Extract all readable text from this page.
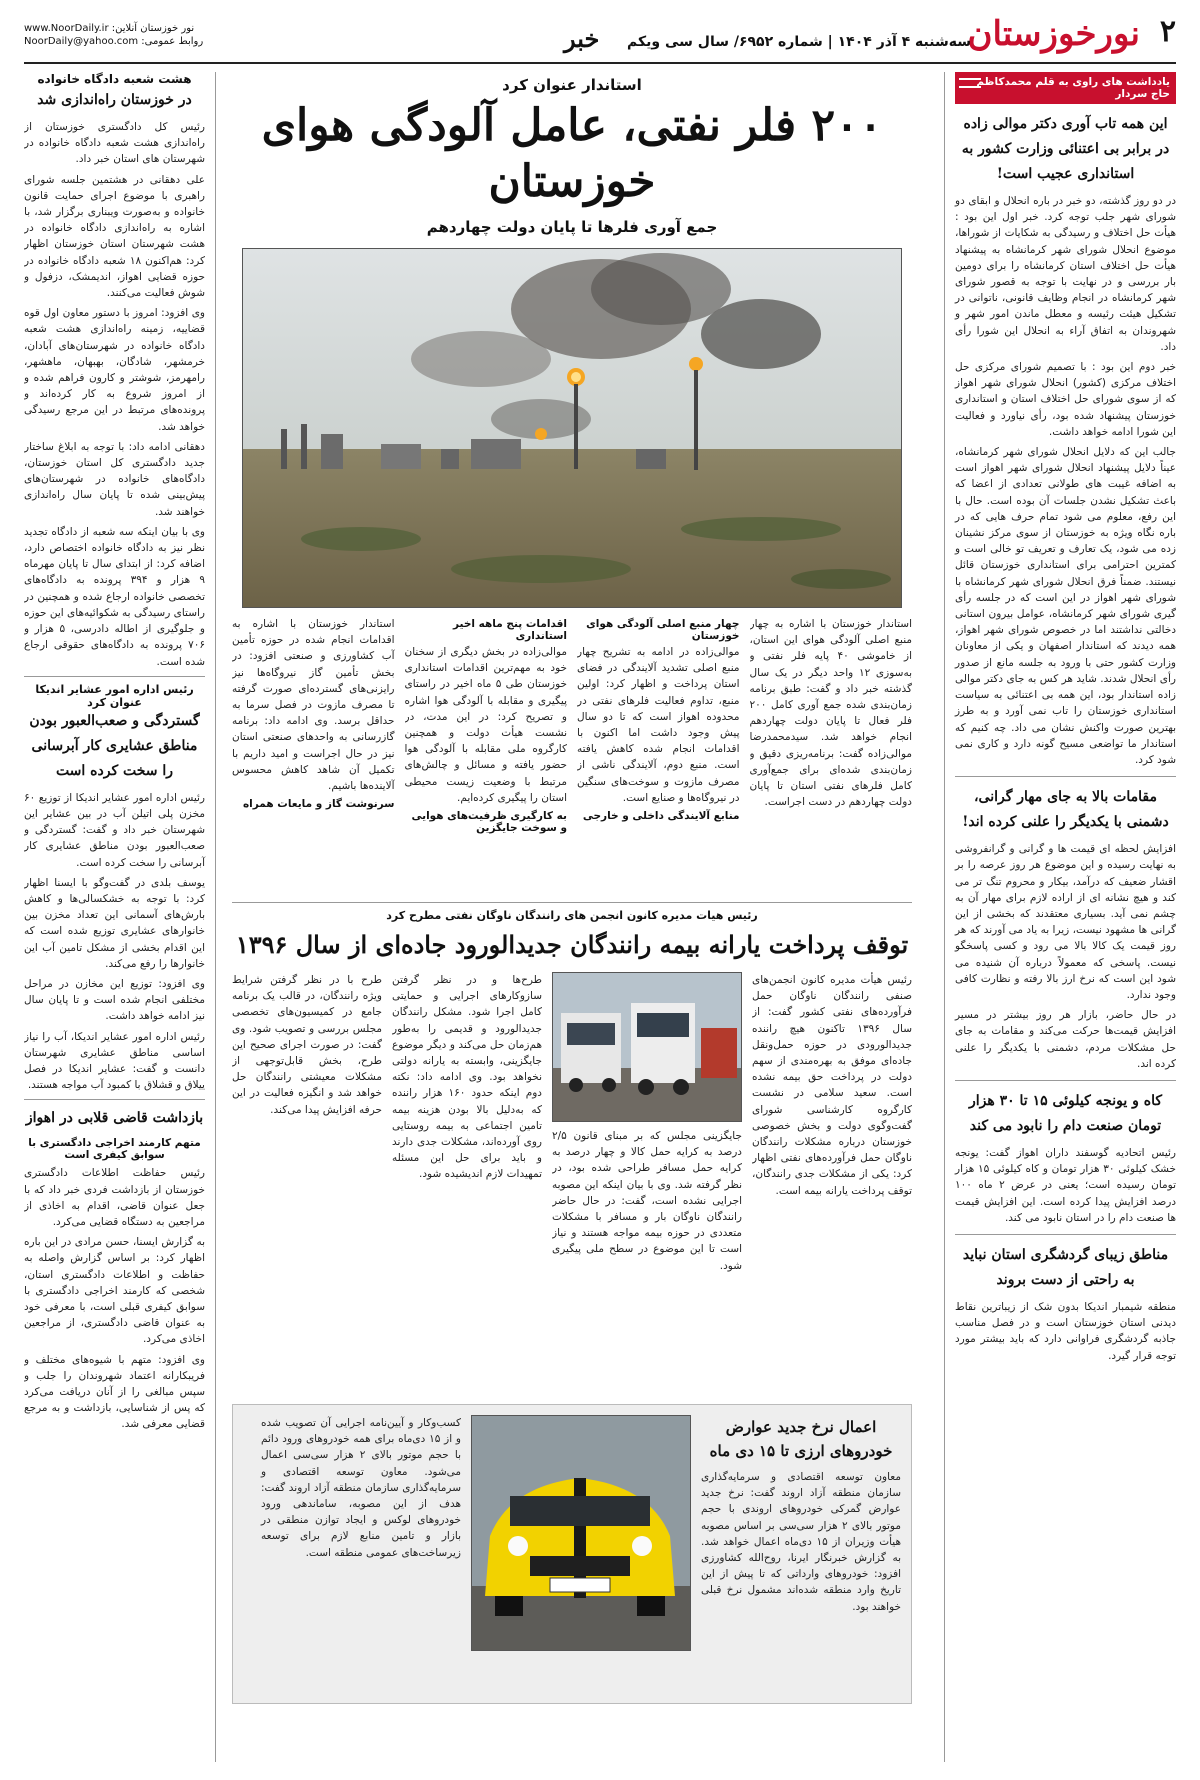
۲
نورخوزستان
سه‌شنبه ۴ آذر ۱۴۰۴ | شماره ۶۹۵۲/ سال سی ویکم
خبر
نور خوزستان آنلاین: www.NoorDaily.ir
روابط عمومی: NoorDaily@yahoo.com
یادداشت های راوی به قلم محمدکاظم حاج سردار
این همه تاب آوری دکتر موالی زاده در برابر بی اعتنائی وزارت کشور به استانداری عجیب است!
در دو روز گذشته، دو خبر در باره انحلال و ابقای دو شورای شهر جلب توجه کرد. خبر اول این بود : هیأت حل اختلاف و رسیدگی به شکایات از شوراها، موضوع انحلال شورای شهر کرمانشاه به پیشنهاد هیأت حل اختلاف استان کرمانشاه را برای دومین بار بررسی و در نهایت با توجه به قصور شورای شهر کرمانشاه در انجام وظایف قانونی، ناتوانی در تشکیل هیئت رئیسه و معطل ماندن امور شهر و شهروندان به اتفاق آراء به انحلال این شورا رأی داد.
خبر دوم این بود : با تصمیم شورای مرکزی حل اختلاف مرکزی (کشور) انحلال شورای شهر اهواز که از سوی شورای حل اختلاف استان و استانداری خوزستان پیشنهاد شده بود، رأی نیاورد و فعالیت این شورا ادامه خواهد داشت.
جالب این که دلایل انحلال شورای شهر کرمانشاه، عیناً دلایل پیشنهاد انحلال شورای شهر اهواز است به اضافه غیبت های طولانی تعدادی از اعضا که باعث تشکیل نشدن جلسات آن بوده است. حال با این رفع، معلوم می شود تمام حرف هایی که در باره نگاه ویژه به خوزستان از سوی مرکز نشینان زده می شود، یک تعارف و تعریف تو خالی است و کمترین احترامی برای استانداری خوزستان قائل نیستند. ضمناً فرق انحلال شورای شهر کرمانشاه با شورای شهر اهواز در این است که در جلسه رأی گیری شورای شهر کرمانشاه، عوامل بیرون استانی دخالتی نداشتند اما در خصوص شورای شهر اهواز، همه دیدند که استاندار اصفهان و یکی از معاونان وزارت کشور حتی با ورود به جلسه مانع از صدور رأی انحلال شدند. شاید هر کس به جای دکتر موالی زاده استاندار بود، این همه بی اعتنائی به سیاست استانداری خوزستان را تاب نمی آورد و به طرز بهترین صورت واکنش نشان می داد. چه کنیم که استاندار ما تواضعی مسیح گونه دارد و کاری نمی شود کرد.
مقامات بالا به جای مهار گرانی، دشمنی با یکدیگر را علنی کرده اند!
افزایش لحظه ای قیمت ها و گرانی و گرانفروشی به نهایت رسیده و این موضوع هر روز عرصه را بر اقشار ضعیف که درآمد، بیکار و محروم تنگ تر می کند و هیچ نشانه ای از اراده لازم برای مهار آن به چشم نمی آید. بسیاری معتقدند که بخشی از این گرانی ها مشهود نیست، زیرا به یاد می آورند که هر روز قیمت یک کالا بالا می رود و کسی پاسخگو نیست. پاسخی که معمولاً درباره آن شنیده می شود این است که نرخ ارز بالا رفته و نظارت کافی وجود ندارد.
در حال حاضر، بازار هر روز بیشتر در مسیر افزایش قیمت‌ها حرکت می‌کند و مقامات به جای حل مشکلات مردم، دشمنی با یکدیگر را علنی کرده اند.
کاه و یونجه کیلوئی ۱۵ تا ۳۰ هزار تومان صنعت دام را نابود می کند
رئیس اتحادیه گوسفند داران اهواز گفت: یونجه خشک کیلوئی ۳۰ هزار تومان و کاه کیلوئی ۱۵ هزار تومان رسیده است؛ یعنی در عرض ۲ ماه ۱۰۰ درصد افزایش پیدا کرده است. این افزایش قیمت ها صنعت دام را در استان نابود می کند.
مناطق زیبای گردشگری استان نباید به راحتی از دست بروند
منطقه شیمبار اندیکا بدون شک از زیباترین نقاط دیدنی استان خوزستان است و در فصل مناسب جاذبه گردشگری فراوانی دارد که باید بیشتر مورد توجه قرار گیرد.
هشت شعبه دادگاه خانواده
در خوزستان راه‌اندازی شد
رئیس کل دادگستری خوزستان از راه‌اندازی هشت شعبه دادگاه خانواده در شهرستان های استان خبر داد.
علی دهقانی در هشتمین جلسه شورای راهبری با موضوع اجرای حمایت قانون خانواده و به‌صورت ویبناری برگزار شد، با اشاره به راه‌اندازی دادگاه خانواده در هشت شهرستان استان خوزستان اظهار کرد: هم‌اکنون ۱۸ شعبه دادگاه خانواده در حوزه قضایی اهواز، اندیمشک، دزفول و شوش فعالیت می‌کنند.
وی افزود: امروز با دستور معاون اول قوه قضاییه، زمینه راه‌اندازی هشت شعبه دادگاه خانواده در شهرستان‌های آبادان، خرمشهر، شادگان، بهبهان، ماهشهر، رامهرمز، شوشتر و کارون فراهم شده و از امروز شروع به کار کرده‌اند و پرونده‌های مرتبط در این مرجع رسیدگی خواهد شد.
دهقانی ادامه داد: با توجه به ابلاغ ساختار جدید دادگستری کل استان خوزستان، دادگاه‌های خانواده در شهرستان‌های پیش‌بینی شده تا پایان سال راه‌اندازی خواهند شد.
وی با بیان اینکه سه شعبه از دادگاه تجدید نظر نیز به دادگاه خانواده اختصاص دارد، اضافه کرد: از ابتدای سال تا پایان مهرماه ۹ هزار و ۳۹۴ پرونده به دادگاه‌های تخصصی خانواده ارجاع شده و همچنین در راستای رسیدگی به شکوائیه‌های این حوزه و جلوگیری از اطاله دادرسی، ۵ هزار و ۷۰۶ پرونده به دادگاه‌های حقوقی ارجاع شده است.
رئیس اداره امور عشایر اندیکا عنوان کرد
گستردگی و صعب‌العبور بودن مناطق عشایری کار آبرسانی را سخت کرده است
رئیس اداره امور عشایر اندیکا از توزیع ۶۰ مخزن پلی اتیلن آب در بین عشایر این شهرستان خبر داد و گفت: گستردگی و صعب‌العبور بودن مناطق عشایری کار آبرسانی را سخت کرده است.
یوسف بلدی در گفت‌وگو با ایسنا اظهار کرد: با توجه به خشکسالی‌ها و کاهش بارش‌های آسمانی این تعداد مخزن بین خانوارهای عشایری توزیع شده است که این اقدام بخشی از مشکل تامین آب این خانوارها را رفع می‌کند.
وی افزود: توزیع این مخازن در مراحل مختلفی انجام شده است و تا پایان سال نیز ادامه خواهد داشت.
رئیس اداره امور عشایر اندیکا، آب را نیاز اساسی مناطق عشایری شهرستان دانست و گفت: عشایر اندیکا در فصل ییلاق و قشلاق با کمبود آب مواجه هستند.
بازداشت قاضی قلابی در اهواز
متهم کارمند اخراجی دادگستری با سوابق کیفری است
رئیس حفاظت اطلاعات دادگستری خوزستان از بازداشت فردی خبر داد که با جعل عنوان قاضی، اقدام به اخاذی از مراجعین به دستگاه قضایی می‌کرد.
به گزارش ایسنا، حسن مرادی در این باره اظهار کرد: بر اساس گزارش واصله به حفاظت و اطلاعات دادگستری استان، شخصی که کارمند اخراجی دادگستری با سوابق کیفری قبلی است، با معرفی خود به عنوان قاضی دادگستری، از مراجعین اخاذی می‌کرد.
وی افزود: متهم با شیوه‌های مختلف و فریبکارانه اعتماد شهروندان را جلب و سپس مبالغی را از آنان دریافت می‌کرد که پس از شناسایی، بازداشت و به مرجع قضایی معرفی شد.
استاندار عنوان کرد
۲۰۰ فلر نفتی، عامل آلودگی هوای خوزستان
جمع آوری فلرها تا پایان دولت چهاردهم
استاندار خوزستان با اشاره به چهار منبع اصلی آلودگی هوای این استان، از خاموشی ۴۰ پایه فلر نفتی و به‌سوزی ۱۲ واحد دیگر در یک سال گذشته خبر داد و گفت: طبق برنامه زمان‌بندی شده جمع آوری کامل ۲۰۰ فلر فعال تا پایان دولت چهاردهم انجام خواهد شد. سیدمحمدرضا موالی‌زاده گفت: برنامه‌ریزی دقیق و زمان‌بندی شده‌ای برای جمع‌آوری کامل فلرهای نفتی استان تا پایان دولت چهاردهم در دست اجراست.
چهار منبع اصلی آلودگی هوای خوزستان
موالی‌زاده در ادامه به تشریح چهار منبع اصلی تشدید آلایندگی در فضای استان پرداخت و اظهار کرد: اولین منبع، تداوم فعالیت فلرهای نفتی در محدوده اهواز است که تا دو سال پیش وجود داشت اما اکنون با اقدامات انجام شده کاهش یافته است. منبع دوم، آلایندگی ناشی از مصرف مازوت و سوخت‌های سنگین در نیروگاه‌ها و صنایع است.
منابع آلایندگی داخلی و خارجی
اقدامات پنج ماهه اخیر استانداری
موالی‌زاده در بخش دیگری از سخنان خود به مهم‌ترین اقدامات استانداری خوزستان طی ۵ ماه اخیر در راستای پیگیری و مقابله با آلودگی هوا اشاره و تصریح کرد: در این مدت، در نشست هیأت دولت و همچنین کارگروه ملی مقابله با آلودگی هوا حضور یافته و مسائل و چالش‌های مرتبط با وضعیت زیست محیطی استان را پیگیری کرده‌ایم.
به کارگیری ظرفیت‌های هوایی و سوخت جایگزین
استاندار خوزستان با اشاره به اقدامات انجام شده در حوزه تأمین آب کشاورزی و صنعتی افزود: در بخش تأمین گاز نیروگاه‌ها نیز رایزنی‌های گسترده‌ای صورت گرفته تا مصرف مازوت در فصل سرما به حداقل برسد. وی ادامه داد: برنامه گازرسانی به واحدهای صنعتی استان نیز در حال اجراست و امید داریم با تکمیل آن شاهد کاهش محسوس آلاینده‌ها باشیم.
سرنوشت گاز و مایعات همراه
رئیس هیات مدیره کانون انجمن های رانندگان ناوگان نفتی مطرح کرد
توقف پرداخت یارانه بیمه رانندگان جدیدالورود جاده‌ای از سال ۱۳۹۶
رئیس هیأت مدیره کانون انجمن‌های صنفی رانندگان ناوگان حمل فرآورده‌های نفتی کشور گفت: از سال ۱۳۹۶ تاکنون هیچ راننده جدیدالورودی در حوزه حمل‌ونقل جاده‌ای موفق به بهره‌مندی از سهم دولت در پرداخت حق بیمه نشده است. سعید سلامی در نشست کارگروه کارشناسی شورای گفت‌وگوی دولت و بخش خصوصی خوزستان درباره مشکلات رانندگان ناوگان حمل فرآورده‌های نفتی اظهار کرد: یکی از مشکلات جدی رانندگان، توقف پرداخت یارانه بیمه است.
جایگزینی مجلس که بر مبنای قانون ۲/۵ درصد به کرایه حمل کالا و چهار درصد به کرایه حمل مسافر طراحی شده بود، در نظر گرفته شد. وی با بیان اینکه این مصوبه اجرایی نشده است، گفت: در حال حاضر رانندگان ناوگان بار و مسافر با مشکلات متعددی در حوزه بیمه مواجه هستند و نیاز است تا این موضوع در سطح ملی پیگیری شود.
طرح‌ها و در نظر گرفتن سازوکارهای اجرایی و حمایتی کامل اجرا شود. مشکل رانندگان جدیدالورود و قدیمی را به‌طور هم‌زمان حل می‌کند و دیگر موضوع جایگزینی، وابسته به یارانه دولتی نخواهد بود. وی ادامه داد: نکته دوم اینکه حدود ۱۶۰ هزار راننده که به‌دلیل بالا بودن هزینه بیمه تامین اجتماعی به بیمه روستایی روی آورده‌اند، مشکلات جدی دارند و باید برای حل این مسئله تمهیدات لازم اندیشیده شود.
طرح با در نظر گرفتن شرایط ویژه رانندگان، در قالب یک برنامه جامع در کمیسیون‌های تخصصی مجلس بررسی و تصویب شود. وی گفت: در صورت اجرای صحیح این طرح، بخش قابل‌توجهی از مشکلات معیشتی رانندگان حل خواهد شد و انگیزه فعالیت در این حرفه افزایش پیدا می‌کند.
اعمال نرخ جدید عوارض خودروهای ارزی تا ۱۵ دی ماه
معاون توسعه اقتصادی و سرمایه‌گذاری سازمان منطقه آزاد اروند گفت: نرخ جدید عوارض گمرکی خودروهای اروندی با حجم موتور بالای ۲ هزار سی‌سی بر اساس مصوبه هیأت وزیران از ۱۵ دی‌ماه اعمال خواهد شد. به گزارش خبرنگار ایرنا، روح‌الله کشاورزی افزود: خودروهای وارداتی که تا پیش از این تاریخ وارد منطقه شده‌اند مشمول نرخ قبلی خواهند بود.
کسب‌وکار و آیین‌نامه اجرایی آن تصویب شده و از ۱۵ دی‌ماه برای همه خودروهای ورود دائم با حجم موتور بالای ۲ هزار سی‌سی اعمال می‌شود. معاون توسعه اقتصادی و سرمایه‌گذاری سازمان منطقه آزاد اروند گفت: هدف از این مصوبه، ساماندهی ورود خودروهای لوکس و ایجاد توازن منطقی در بازار و تامین منابع لازم برای توسعه زیرساخت‌های عمومی منطقه است.
